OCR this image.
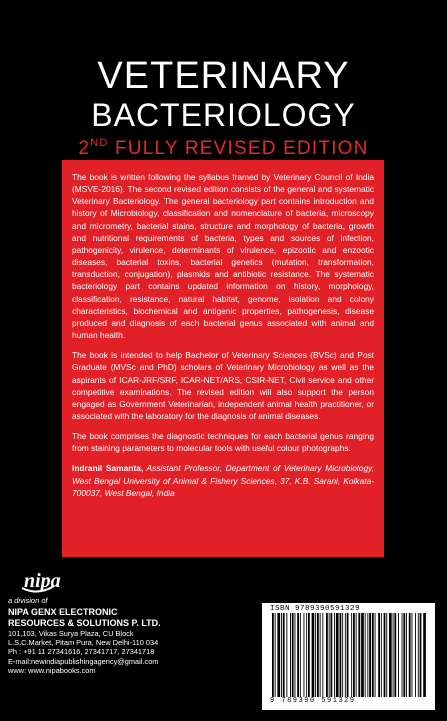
VETERINARY
BACTERIOLOGY
2ND FULLY REVISED EDITION

The book is written following the syllabus framed by Veterinary Council of India (MSVE-2016). The second revised edition consists of the general and systematic Veterinary Bacteriology. The general bacteriology part contains introduction and history of Microbiology, classification and nomenclature of bacteria, microscopy and micrometry, bacterial stains, structure and morphology of bacteria, growth and nutritional requirements of bacteria, types and sources of infection, pathogenicity, virulence, determinants of virulence, epizootic and enzootic diseases, bacterial toxins, bacterial genetics (mutation, transformation, transduction, conjugation), plasmids and antibiotic resistance. The systematic bacteriology part contains updated information on history, morphology, classification, resistance, natural habitat, genome, isolation and colony characteristics, biochemical and antigenic properties, pathogenesis, disease produced and diagnosis of each bacterial genus associated with animal and human health.

The book is intended to help Bachelor of Veterinary Sciences (BVSc) and Post Graduate (MVSc and PhD) scholars of Veterinary Microbiology as well as the aspirants of ICAR-JRF/SRF, ICAR-NET/ARS, CSIR-NET, Civil service and other competitive examinations. The revised edition will also support the person engaged as Government Veterinarian, independent animal health practitioner, or associated with the laboratory for the diagnosis of animal diseases.

The book comprises the diagnostic techniques for each bacterial genus ranging from staining parameters to molecular tools with useful colour photographs.

Indranil Samanta, Assistant Professor, Department of Veterinary Microbiology, West Bengal University of Animal & Fishery Sciences, 37, K.B. Sarani, Kolkata- 700037, West Bengal, India
nipa
a division of
NIPA GENX ELECTRONIC
RESOURCES & SOLUTIONS P. LTD.
101,103, Vikas Surya Plaza, CU Block
L.S.C.Market, Pitam Pura, New Delhi-110 034
Ph : +91 11 27341616, 27341717, 27341718
E-mail:newindiapublishingagency@gmail.com
www: www.nipabooks.com
ISBN 9789390591329
9 789390 591329
